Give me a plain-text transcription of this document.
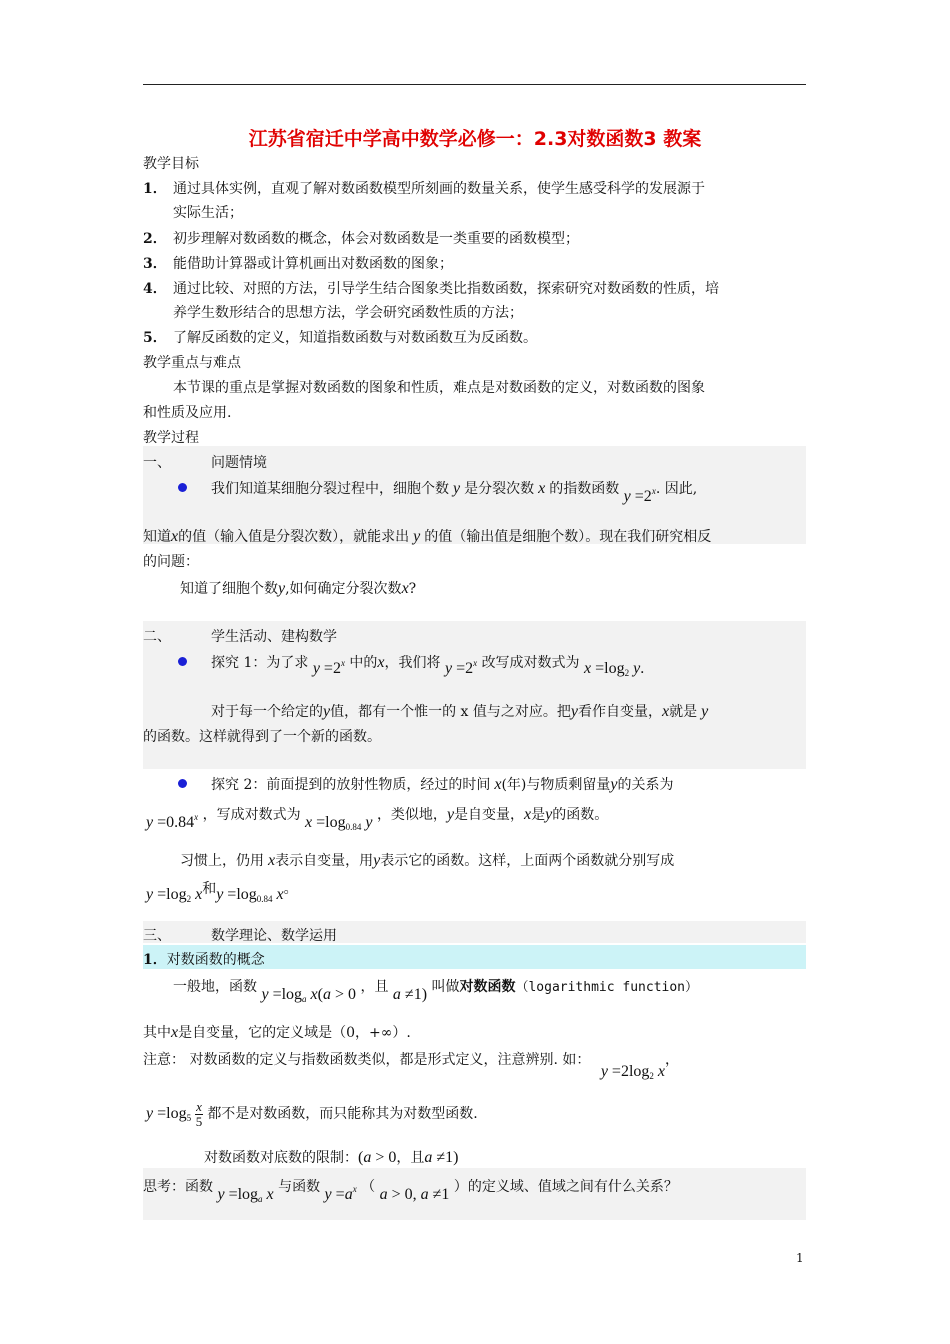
江苏省宿迁中学高中数学必修一：2.3对数函数3 教案
教学目标
1． 通过具体实例，直观了解对数函数模型所刻画的数量关系，使学生感受科学的发展源于
实际生活；
2． 初步理解对数函数的概念，体会对数函数是一类重要的函数模型；
3． 能借助计算器或计算机画出对数函数的图象；
4． 通过比较、对照的方法，引导学生结合图象类比指数函数，探索研究对数函数的性质，培
养学生数形结合的思想方法，学会研究函数性质的方法；
5． 了解反函数的定义，知道指数函数与对数函数互为反函数。
教学重点与难点
本节课的重点是掌握对数函数的图象和性质，难点是对数函数的定义，对数函数的图象
和性质及应用.
教学过程
一、	问题情境
我们知道某细胞分裂过程中，细胞个数 y 是分裂次数 x 的指数函数 $y =2^x$. 因此,
知道x的值（输入值是分裂次数），就能求出 y 的值（输出值是细胞个数）。现在我们研究相反
的问题：
知道了细胞个数y,如何确定分裂次数x?
二、	学生活动、建构数学
探究 1：为了求 $y =2^x$ 中的x，我们将 $y =2^x$ 改写成对数式为 $x =\log_2$ y.
对于每一个给定的y值，都有一个惟一的 x 值与之对应。把y看作自变量，x就是 y
的函数。这样就得到了一个新的函数。
探究 2：前面提到的放射性物质，经过的时间 x(年)与物质剩留量y的关系为
$y =0.84^x$ ，写成对数式为 $x =\log_{0.84}$ y ，类似地，y是自变量，x是y的函数。
习惯上，仍用 x表示自变量，用y表示它的函数。这样，上面两个函数就分别写成
$y =\log_2$ x和$y =\log_{0.84}$ x。
三、	数学理论、数学运用
1．对数函数的概念
一般地，函数 $y =\log_a$ x(a > 0 ，且 a ≠1) 叫做对数函数（logarithmic function）
其中x是自变量，它的定义域是（0，+∞）.
注意： 对数函数的定义与指数函数类似，都是形式定义，注意辨别. 如： $y =2\log_2$ x，
$y =\log_5 \frac{x}{5}$ 都不是对数函数，而只能称其为对数型函数.
对数函数对底数的限制：(a > 0，且a ≠1)
思考：函数 $y =\log_a$ x 与函数 $y =a^x$ （ a > 0, a ≠1 ）的定义域、值域之间有什么关系？
1
